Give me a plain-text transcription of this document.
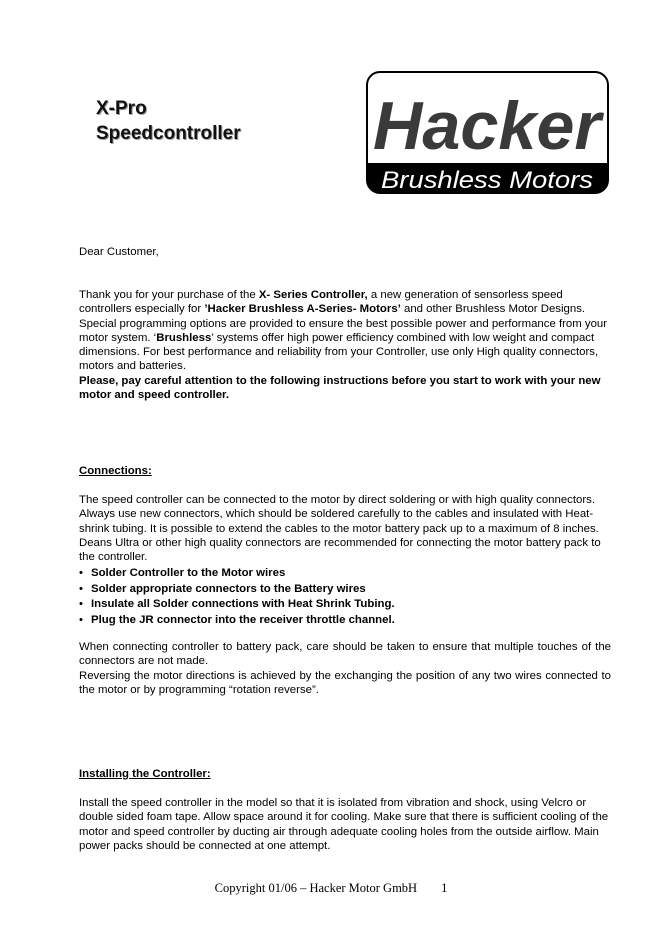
X-Pro
Speedcontroller Hacker
Brushless Motors

Dear Customer,

Thank you for your purchase of the X- Series Controller, a new generation of sensorless speed controllers especially for ’Hacker Brushless A-Series- Motors’ and other Brushless Motor Designs. Special programming options are provided to ensure the best possible power and performance from your motor system. ‘Brushless’ systems offer high power efficiency combined with low weight and compact dimensions. For best performance and reliability from your Controller, use only High quality connectors, motors and batteries.
Please, pay careful attention to the following instructions before you start to work with your new motor and speed controller.

Connections:

The speed controller can be connected to the motor by direct soldering or with high quality connectors. Always use new connectors, which should be soldered carefully to the cables and insulated with Heat-shrink tubing. It is possible to extend the cables to the motor battery pack up to a maximum of 8 inches. Deans Ultra or other high quality connectors are recommended for connecting the motor battery pack to the controller.

• Solder Controller to the Motor wires
• Solder appropriate connectors to the Battery wires
• Insulate all Solder connections with Heat Shrink Tubing.
• Plug the JR connector into the receiver throttle channel.

When connecting controller to battery pack, care should be taken to ensure that multiple touches of the connectors are not made.
Reversing the motor directions is achieved by the exchanging the position of any two wires connected to the motor or by programming “rotation reverse”.

Installing the Controller:

Install the speed controller in the model so that it is isolated from vibration and shock, using Velcro or double sided foam tape. Allow space around it for cooling. Make sure that there is sufficient cooling of the motor and speed controller by ducting air through adequate cooling holes from the outside airflow. Main power packs should be connected at one attempt.

Copyright 01/06 – Hacker Motor GmbH 1
